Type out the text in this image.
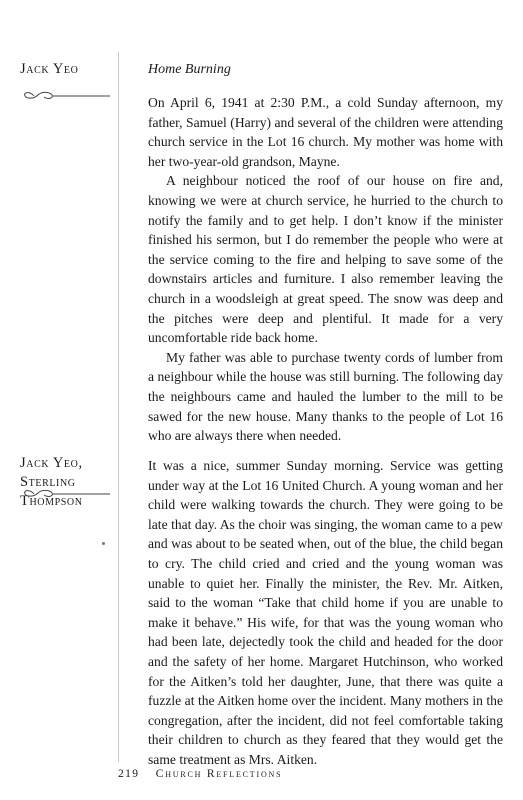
Jack Yeo	Home Burning

On April 6, 1941 at 2:30 P.M., a cold Sunday afternoon, my father, Samuel (Harry) and several of the children were attending church service in the Lot 16 church. My mother was home with her two-year-old grandson, Mayne.

A neighbour noticed the roof of our house on fire and, knowing we were at church service, he hurried to the church to notify the family and to get help. I don’t know if the minister finished his sermon, but I do remember the people who were at the service coming to the fire and helping to save some of the downstairs articles and furniture. I also remember leaving the church in a woodsleigh at great speed. The snow was deep and the pitches were deep and plentiful. It made for a very uncomfortable ride back home.

My father was able to purchase twenty cords of lumber from a neighbour while the house was still burning. The following day the neighbours came and hauled the lumber to the mill to be sawed for the new house. Many thanks to the people of Lot 16 who are always there when needed.

Jack Yeo,
Sterling
Thompson

It was a nice, summer Sunday morning. Service was getting under way at the Lot 16 United Church. A young woman and her child were walking towards the church. They were going to be late that day. As the choir was singing, the woman came to a pew and was about to be seated when, out of the blue, the child began to cry. The child cried and cried and the young woman was unable to quiet her. Finally the minister, the Rev. Mr. Aitken, said to the woman “Take that child home if you are unable to make it behave.” His wife, for that was the young woman who had been late, dejectedly took the child and headed for the door and the safety of her home. Margaret Hutchinson, who worked for the Aitken’s told her daughter, June, that there was quite a fuzzle at the Aitken home over the incident. Many mothers in the congregation, after the incident, did not feel comfortable taking their children to church as they feared that they would get the same treatment as Mrs. Aitken.

219 Church Reflections
